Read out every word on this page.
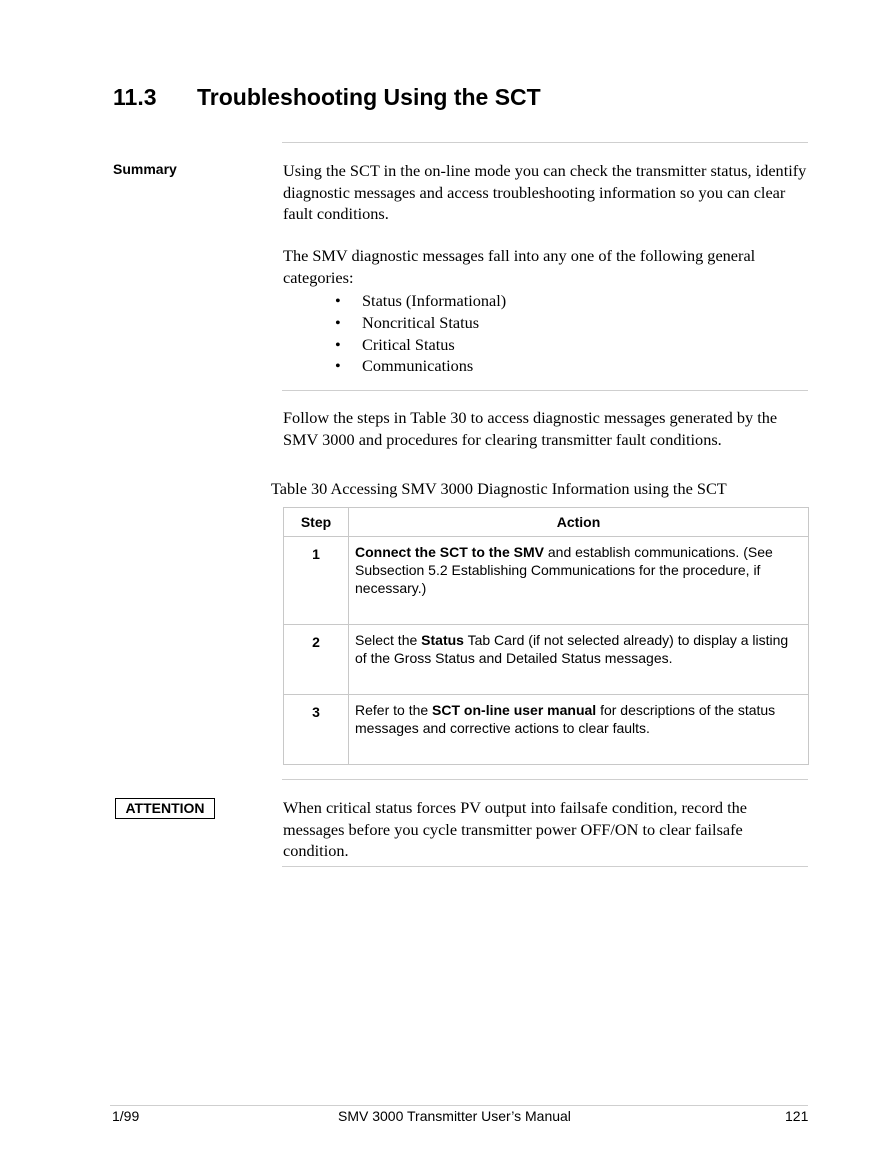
11.3 Troubleshooting Using the SCT
Summary	Using the SCT in the on-line mode you can check the transmitter status, identify diagnostic messages and access troubleshooting information so you can clear fault conditions.

The SMV diagnostic messages fall into any one of the following general categories:

• Status (Informational)
• Noncritical Status
• Critical Status
• Communications

Follow the steps in Table 30 to access diagnostic messages generated by the SMV 3000 and procedures for clearing transmitter fault conditions.

Table 30 Accessing SMV 3000 Diagnostic Information using the SCT
Step	Action
1	Connect the SCT to the SMV and establish communications. (See Subsection 5.2 Establishing Communications for the procedure, if necessary.)
2	Select the Status Tab Card (if not selected already) to display a listing of the Gross Status and Detailed Status messages.
3	Refer to the SCT on-line user manual for descriptions of the status messages and corrective actions to clear faults.
ATTENTION	When critical status forces PV output into failsafe condition, record the messages before you cycle transmitter power OFF/ON to clear failsafe condition.

1/99	SMV 3000 Transmitter User’s Manual	121
